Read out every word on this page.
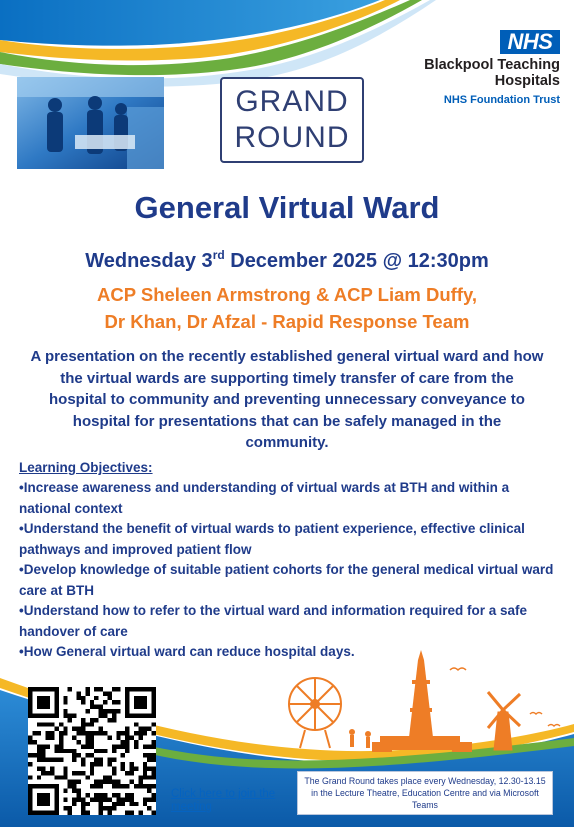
NHS
Blackpool Teaching
Hospitals
NHS Foundation Trust
GRAND
ROUND
General Virtual Ward
Wednesday 3rd December 2025 @ 12:30pm
ACP Sheleen Armstrong & ACP Liam Duffy,
Dr Khan, Dr Afzal - Rapid Response Team
A presentation on the recently established general virtual ward and how the virtual wards are supporting timely transfer of care from the hospital to community and preventing unnecessary conveyance to hospital for presentations that can be safely managed in the community.
Learning Objectives:

•Increase awareness and understanding of virtual wards at BTH and within a national context

•Understand the benefit of virtual wards to patient experience, effective clinical pathways and improved patient flow

•Develop knowledge of suitable patient cohorts for the general medical virtual ward care at BTH

•Understand how to refer to the virtual ward and information required for a safe handover of care

•How General virtual ward can reduce hospital days.

Click here to join the meeting
The Grand Round takes place every Wednesday, 12.30-13.15 in the Lecture Theatre, Education Centre and via Microsoft Teams
